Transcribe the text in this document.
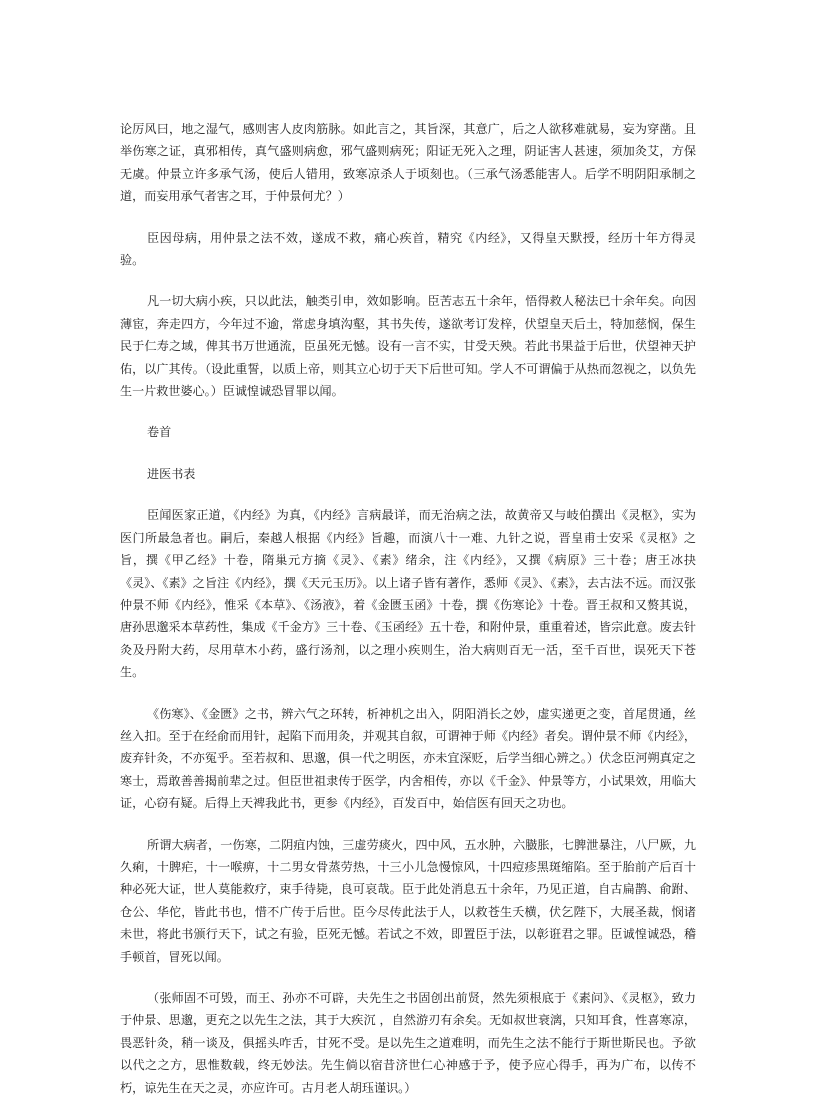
论厉风曰，地之湿气，感则害人皮肉筋脉。如此言之，其旨深，其意广，后之人欲移难就易，妄为穿凿。且举伤寒之证，真邪相传，真气盛则病愈，邪气盛则病死；阳证无死入之理，阴证害人甚速，须加灸艾，方保无虞。仲景立许多承气汤，使后人错用，致寒凉杀人于顷刻也。（三承气汤悉能害人。后学不明阴阳承制之道，而妄用承气者害之耳，于仲景何尤？）

臣因母病，用仲景之法不效，遂成不救，痛心疾首，精究《内经》，又得皇天默授，经历十年方得灵验。

凡一切大病小疾，只以此法，触类引申，效如影响。臣苦志五十余年，悟得救人秘法已十余年矣。向因薄宦，奔走四方，今年过不逾，常虑身填沟壑，其书失传，遂欲考订发梓，伏望皇天后土，特加慈悯，保生民于仁寿之域，俾其书万世通流，臣虽死无憾。设有一言不实，甘受天殃。若此书果益于后世，伏望神天护佑，以广其传。（设此重誓，以质上帝，则其立心切于天下后世可知。学人不可谓偏于从热而忽视之，以负先生一片救世婆心。）臣诚惶诚恐冒罪以闻。

卷首

进医书表

臣闻医家正道，《内经》为真，《内经》言病最详，而无治病之法，故黄帝又与岐伯撰出《灵枢》，实为医门所最急者也。嗣后，秦越人根据《内经》旨趣，而演八十一难、九针之说，晋皇甫士安采《灵枢》之旨，撰《甲乙经》十卷，隋巢元方摘《灵》、《素》绪余，注《内经》，又撰《病原》三十卷；唐王冰抉《灵》、《素》之旨注《内经》，撰《天元玉历》。以上诸子皆有著作，悉师《灵》、《素》，去古法不远。而汉张仲景不师《内经》，惟采《本草》、《汤液》，着《金匮玉函》十卷，撰《伤寒论》十卷。晋王叔和又赘其说，唐孙思邈采本草药性，集成《千金方》三十卷、《玉函经》五十卷，和附仲景，重重着述，皆宗此意。废去针灸及丹附大药，尽用草木小药，盛行汤剂，以之理小疾则生，治大病则百无一活，至千百世，误死天下苍生。

《伤寒》、《金匮》之书，辨六气之环转，析神机之出入，阴阳消长之妙，虚实递更之变，首尾贯通，丝丝入扣。至于在经俞而用针，起陷下而用灸，并观其自叙，可谓神于师《内经》者矣。谓仲景不师《内经》，废弃针灸，不亦冤乎。至若叔和、思邈，俱一代之明医，亦未宜深贬，后学当细心辨之。）伏念臣河朔真定之寒士，焉敢善善揭前辈之过。但臣世祖隶传于医学，内舍相传，亦以《千金》、仲景等方，小试果效，用临大证，心窃有疑。后得上天裨我此书，更参《内经》，百发百中，始信医有回天之功也。

所谓大病者，一伤寒，二阴疽内蚀，三虚劳痰火，四中风，五水肿，六臌胀，七脾泄暴注，八尸厥，九久痢，十脾疟，十一喉痹，十二男女骨蒸劳热，十三小儿急慢惊风，十四痘疹黑斑缩陷。至于胎前产后百十种必死大证，世人莫能救疗，束手待毙，良可哀哉。臣于此处消息五十余年，乃见正道，自古扁鹊、俞跗、仓公、华佗，皆此书也，惜不广传于后世。臣今尽传此法于人，以救苍生夭横，伏乞陛下，大展圣裁，悯诸未世，将此书颁行天下，试之有验，臣死无憾。若试之不效，即置臣于法，以彰诳君之罪。臣诚惶诚恐，稽手顿首，冒死以闻。

（张师固不可毁，而王、孙亦不可辟，夫先生之书固创出前贤，然先须根底于《素问》、《灵枢》，致力于仲景、思邈，更充之以先生之法，其于大疾沉 ，自然游刃有余矣。无如叔世衰漓，只知耳食，性喜寒凉，畏恶针灸，稍一谈及，俱摇头咋舌，甘死不受。是以先生之道难明，而先生之法不能行于斯世斯民也。予欲以代之之方，思惟数载，终无妙法。先生倘以宿昔济世仁心神感于予，使予应心得手，再为广布，以传不朽，谅先生在天之灵，亦应许可。古月老人胡珏谨识。）
